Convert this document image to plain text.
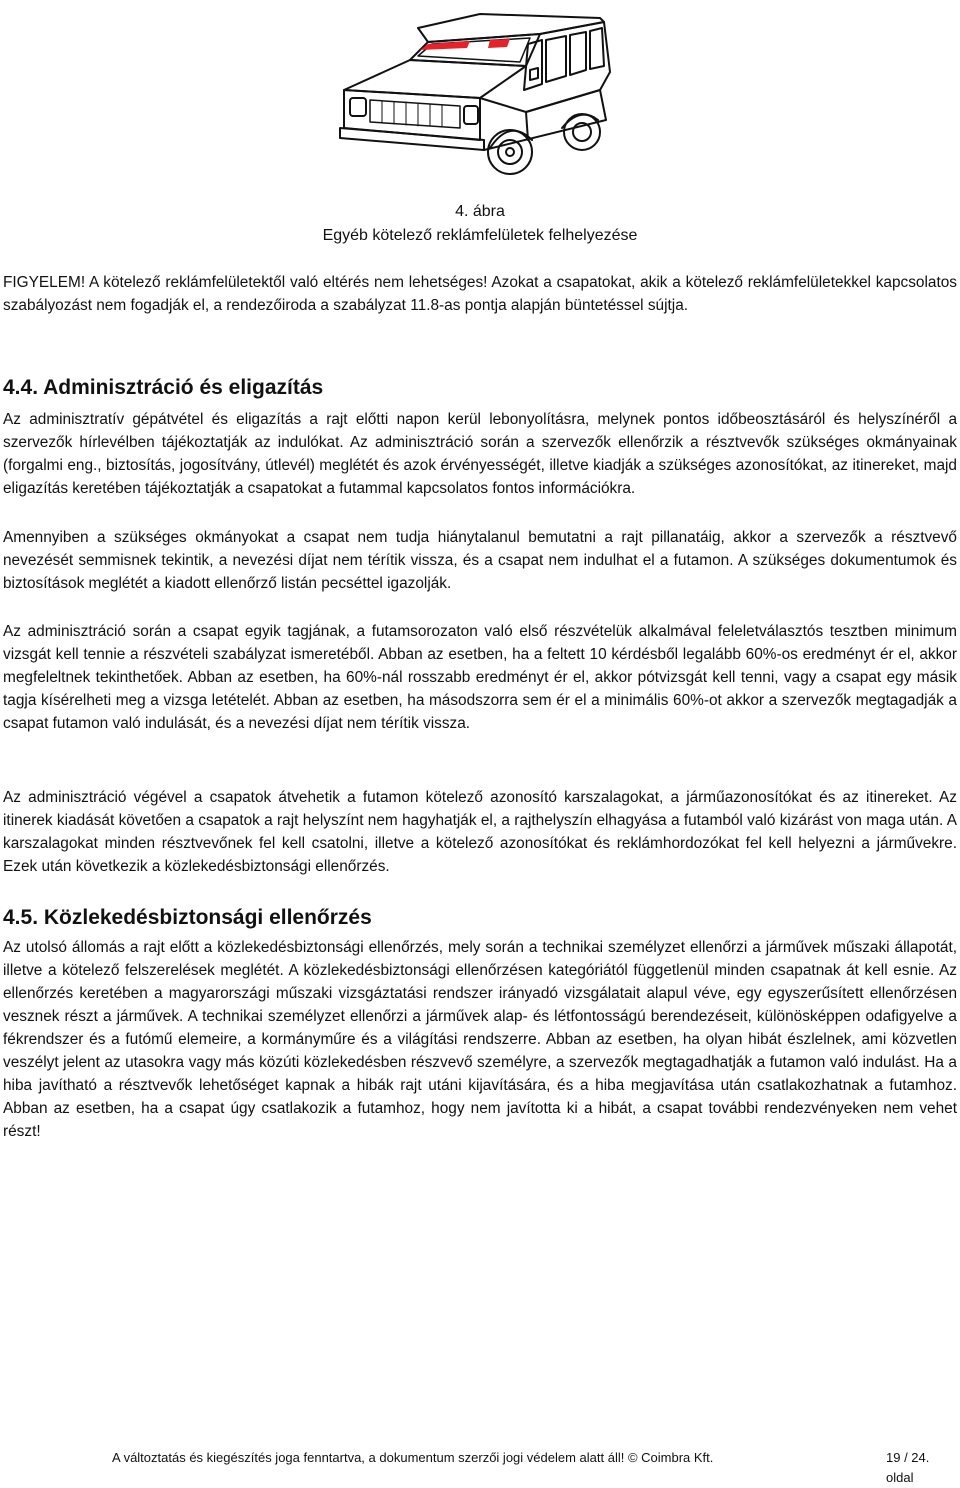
4. ábra
Egyéb kötelező reklámfelületek felhelyezése

FIGYELEM! A kötelező reklámfelületektől való eltérés nem lehetséges! Azokat a csapatokat, akik a kötelező reklámfelületekkel kapcsolatos szabályozást nem fogadják el, a rendezőiroda a szabályzat 11.8-as pontja alapján büntetéssel sújtja.

4.4. Adminisztráció és eligazítás

Az adminisztratív gépátvétel és eligazítás a rajt előtti napon kerül lebonyolításra, melynek pontos időbeosztásáról és helyszínéről a szervezők hírlevélben tájékoztatják az indulókat. Az adminisztráció során a szervezők ellenőrzik a résztvevők szükséges okmányainak (forgalmi eng., biztosítás, jogosítvány, útlevél) meglétét és azok érvényességét, illetve kiadják a szükséges azonosítókat, az itinereket, majd eligazítás keretében tájékoztatják a csapatokat a futammal kapcsolatos fontos információkra.

Amennyiben a szükséges okmányokat a csapat nem tudja hiánytalanul bemutatni a rajt pillanatáig, akkor a szervezők a résztvevő nevezését semmisnek tekintik, a nevezési díjat nem térítik vissza, és a csapat nem indulhat el a futamon. A szükséges dokumentumok és biztosítások meglétét a kiadott ellenőrző listán pecséttel igazolják.

Az adminisztráció során a csapat egyik tagjának, a futamsorozaton való első részvételük alkalmával feleletválasztós tesztben minimum vizsgát kell tennie a részvételi szabályzat ismeretéből. Abban az esetben, ha a feltett 10 kérdésből legalább 60%-os eredményt ér el, akkor megfeleltnek tekinthetőek. Abban az esetben, ha 60%-nál rosszabb eredményt ér el, akkor pótvizsgát kell tenni, vagy a csapat egy másik tagja kísérelheti meg a vizsga letételét. Abban az esetben, ha másodszorra sem ér el a minimális 60%-ot akkor a szervezők megtagadják a csapat futamon való indulását, és a nevezési díjat nem térítik vissza.

Az adminisztráció végével a csapatok átvehetik a futamon kötelező azonosító karszalagokat, a járműazonosítókat és az itinereket. Az itinerek kiadását követően a csapatok a rajt helyszínt nem hagyhatják el, a rajthelyszín elhagyása a futamból való kizárást von maga után. A karszalagokat minden résztvevőnek fel kell csatolni, illetve a kötelező azonosítókat és reklámhordozókat fel kell helyezni a járművekre. Ezek után következik a közlekedésbiztonsági ellenőrzés.

4.5. Közlekedésbiztonsági ellenőrzés

Az utolsó állomás a rajt előtt a közlekedésbiztonsági ellenőrzés, mely során a technikai személyzet ellenőrzi a járművek műszaki állapotát, illetve a kötelező felszerelések meglétét. A közlekedésbiztonsági ellenőrzésen kategóriától függetlenül minden csapatnak át kell esnie. Az ellenőrzés keretében a magyarországi műszaki vizsgáztatási rendszer irányadó vizsgálatait alapul véve, egy egyszerűsített ellenőrzésen vesznek részt a járművek. A technikai személyzet ellenőrzi a járművek alap- és létfontosságú berendezéseit, különösképpen odafigyelve a fékrendszer és a futómű elemeire, a kormányműre és a világítási rendszerre. Abban az esetben, ha olyan hibát észlelnek, ami közvetlen veszélyt jelent az utasokra vagy más közúti közlekedésben részvevő személyre, a szervezők megtagadhatják a futamon való indulást. Ha a hiba javítható a résztvevők lehetőséget kapnak a hibák rajt utáni kijavítására, és a hiba megjavítása után csatlakozhatnak a futamhoz. Abban az esetben, ha a csapat úgy csatlakozik a futamhoz, hogy nem javította ki a hibát, a csapat további rendezvényeken nem vehet részt!

A változtatás és kiegészítés joga fenntartva, a dokumentum szerzői jogi védelem alatt áll! © Coimbra Kft.	19 / 24. oldal
